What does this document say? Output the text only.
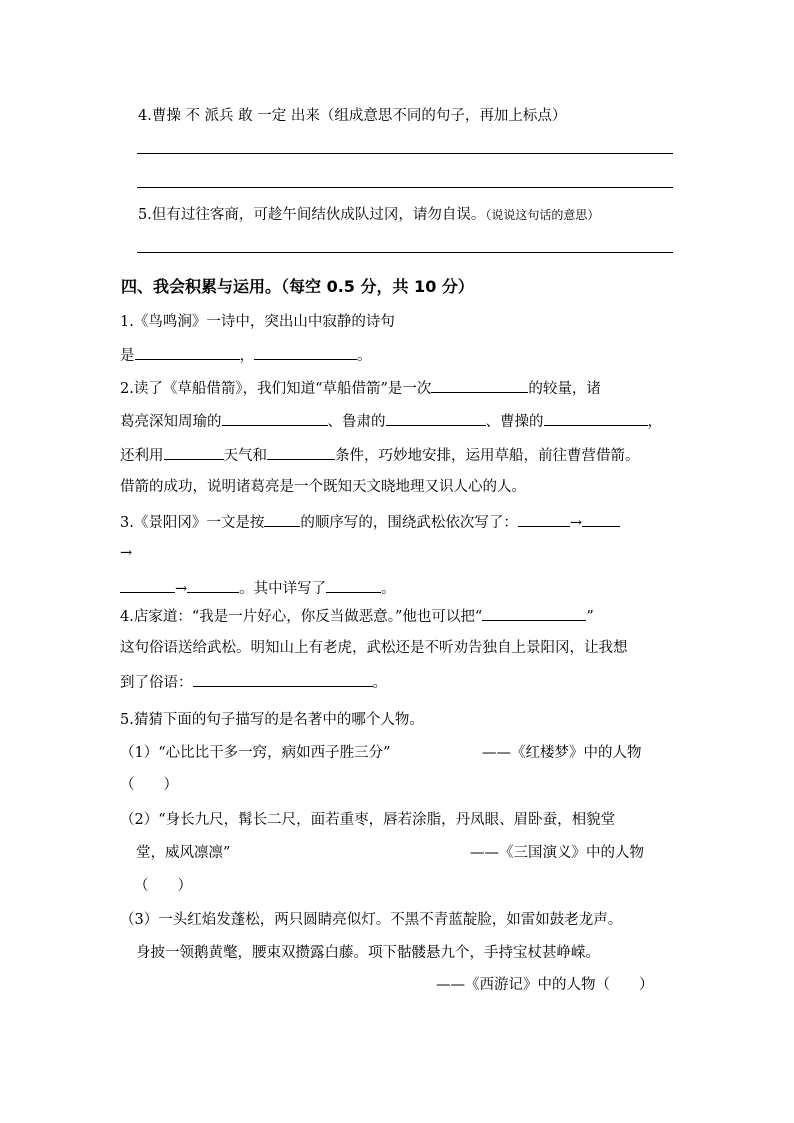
4.曹操 不 派兵 敢 一定 出来（组成意思不同的句子，再加上标点）
5.但有过往客商，可趁午间结伙成队过冈，请勿自误。（说说这句话的意思）
四、我会积累与运用。（每空 0.5 分，共 10 分）
1.《鸟鸣涧》一诗中，突出山中寂静的诗句
是	，	。
2.读了《草船借箭》，我们知道“草船借箭”是一次	的较量，诸
葛亮深知周瑜的	、鲁肃的	、曹操的	，
还利用	天气和	条件，巧妙地安排，运用草船，前往曹营借箭。
借箭的成功，说明诸葛亮是一个既知天文晓地理又识人心的人。
3.《景阳冈》一文是按 的顺序写的，围绕武松依次写了：	→
→
→	。其中详写了	。
4.店家道：“我是一片好心，你反当做恶意。”他也可以把“	”
这句俗语送给武松。明知山上有老虎，武松还是不听劝告独自上景阳冈，让我想
到了俗语：	。
5.猜猜下面的句子描写的是名著中的哪个人物。
（1）“心比比干多一窍，病如西子胜三分”	——《红楼梦》中的人物
（　　）
（2）“身长九尺，髯长二尺，面若重枣，唇若涂脂，丹凤眼、眉卧蚕，相貌堂
堂，威风凛凛”	——《三国演义》中的人物
（　　）
（3）一头红焰发蓬松，两只圆睛亮似灯。不黑不青蓝靛脸，如雷如鼓老龙声。
身披一领鹅黄氅，腰束双攒露白藤。项下骷髅悬九个，手持宝杖甚峥嵘。
——《西游记》中的人物（　　）
